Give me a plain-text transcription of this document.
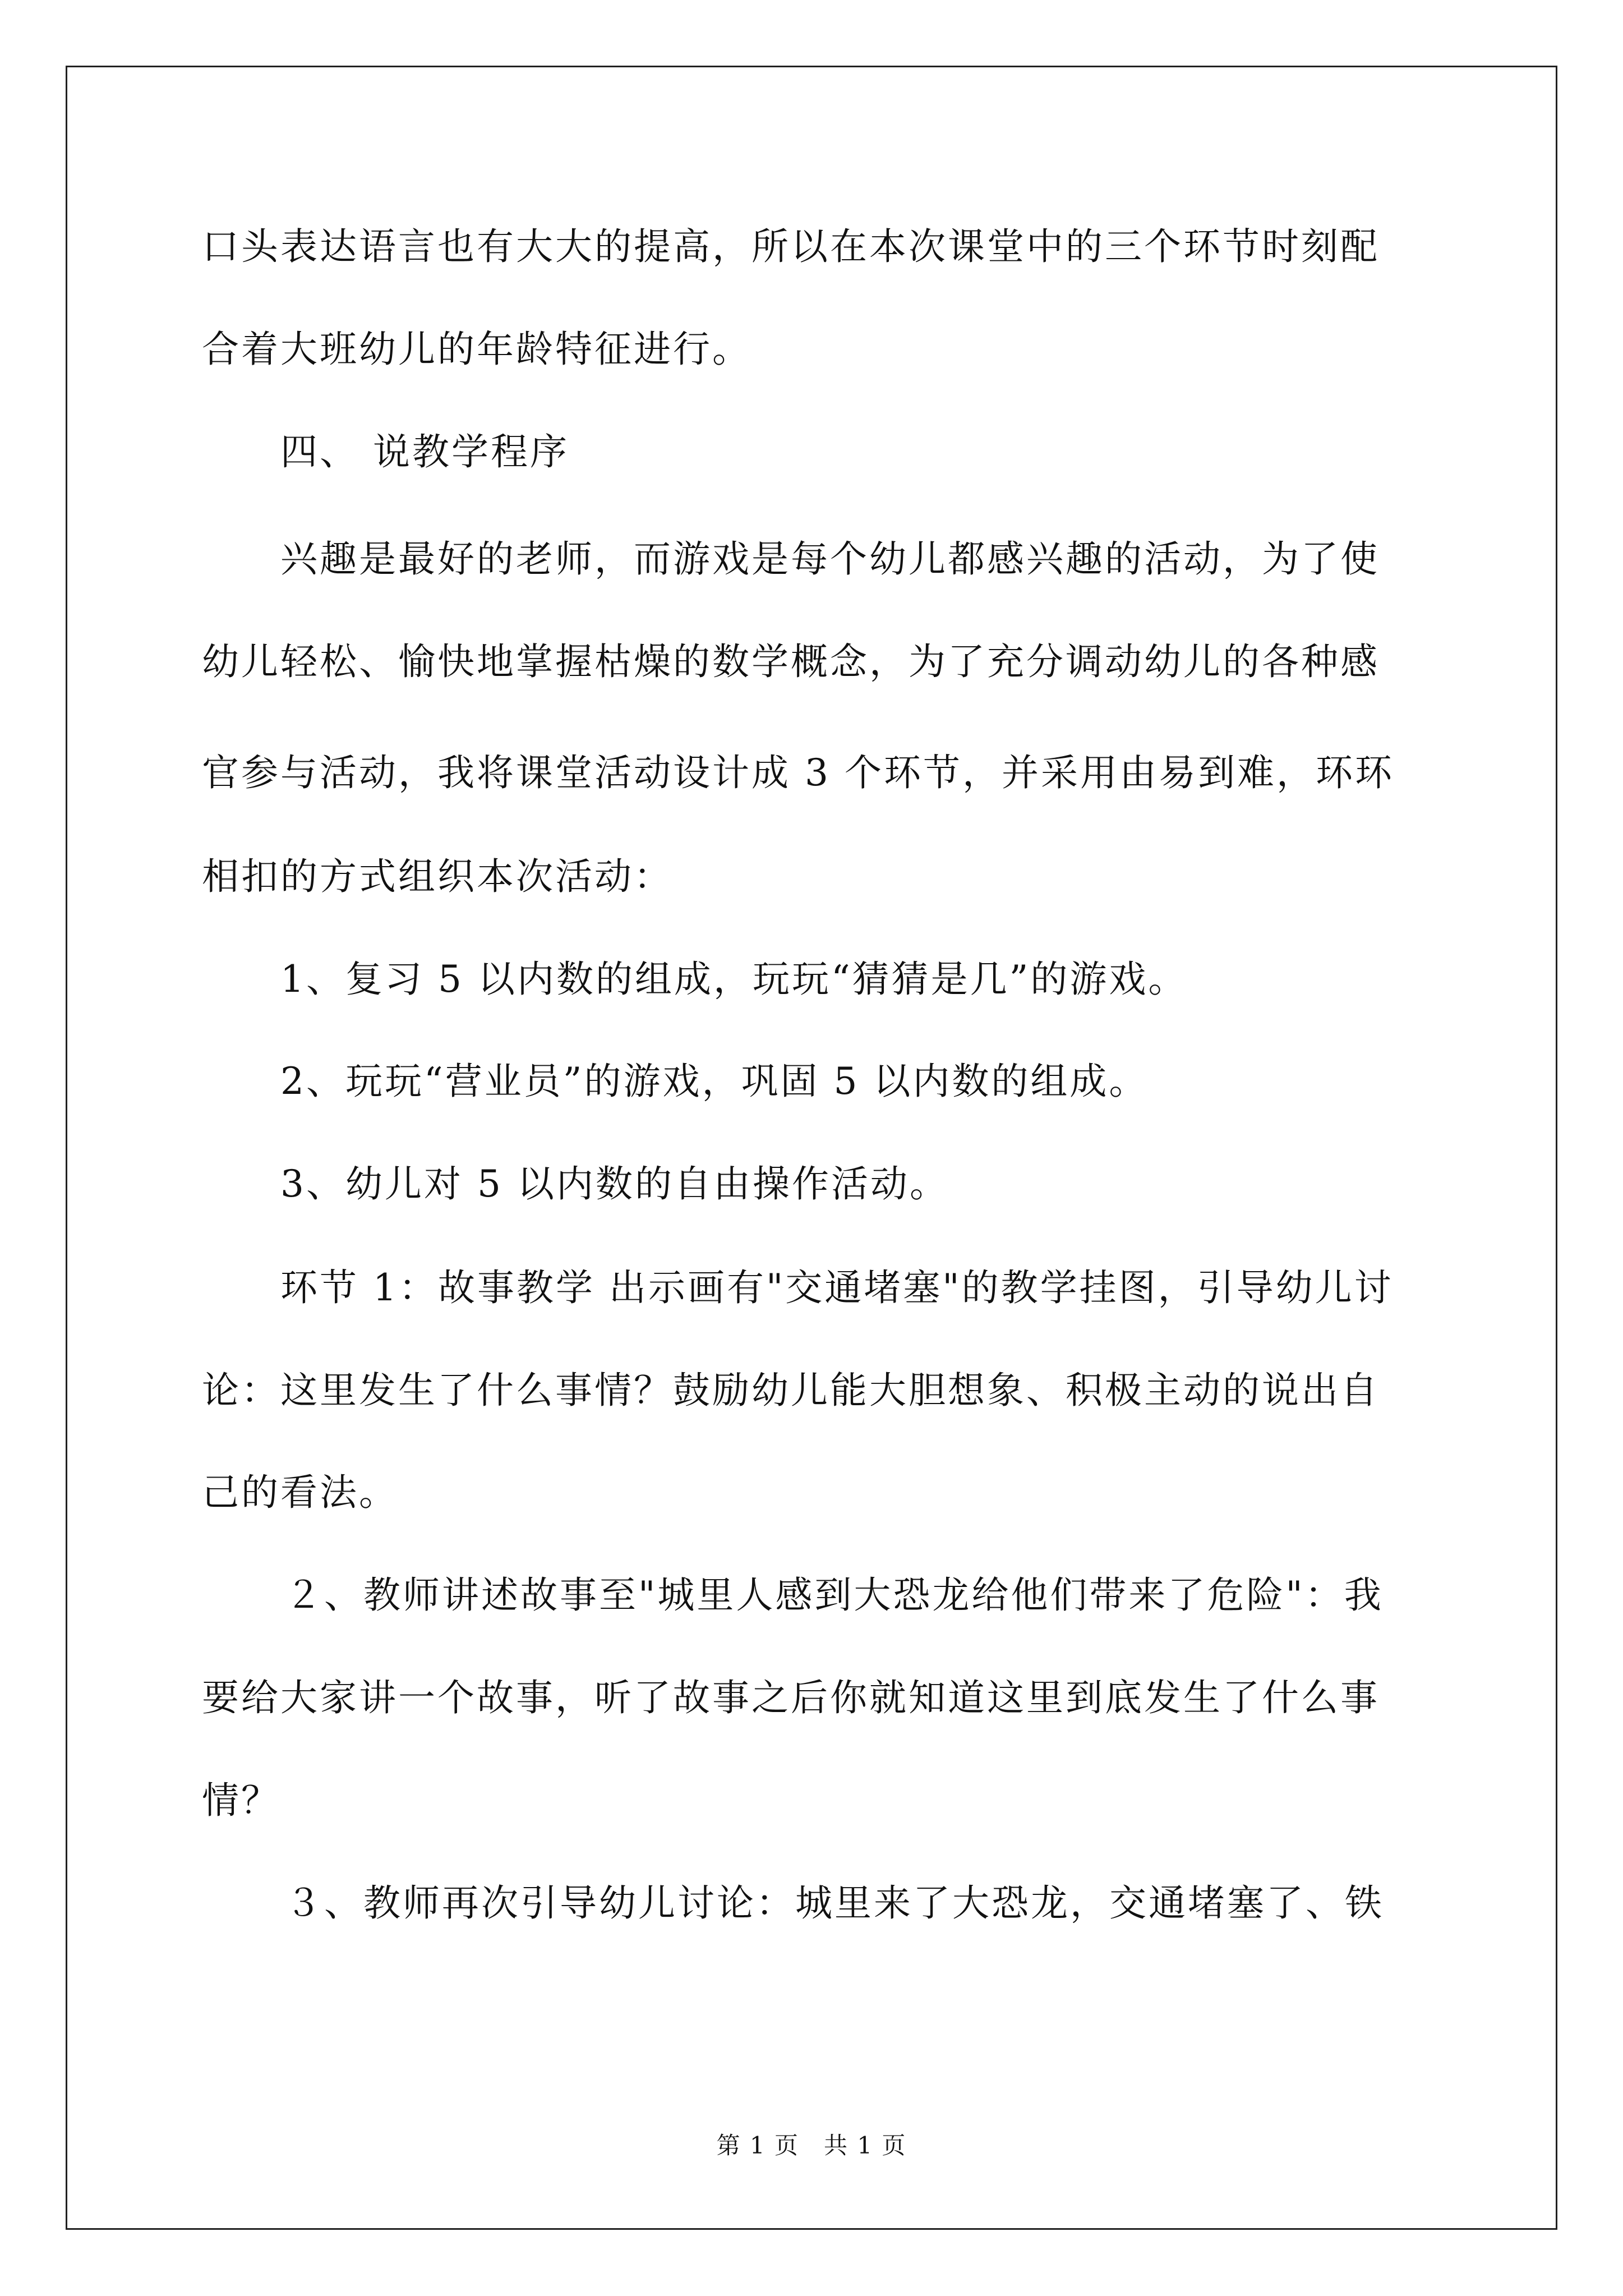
口头表达语言也有大大的提高，所以在本次课堂中的三个环节时刻配
合着大班幼儿的年龄特征进行。
四、 说教学程序
兴趣是最好的老师，而游戏是每个幼儿都感兴趣的活动，为了使
幼儿轻松、愉快地掌握枯燥的数学概念，为了充分调动幼儿的各种感
官参与活动，我将课堂活动设计成 3 个环节，并采用由易到难，环环
相扣的方式组织本次活动：
1、复习 5 以内数的组成，玩玩“猜猜是几”的游戏。
2、玩玩“营业员”的游戏，巩固 5 以内数的组成。
3、幼儿对 5 以内数的自由操作活动。
环节 1：故事教学 出示画有"交通堵塞"的教学挂图，引导幼儿讨
论：这里发生了什么事情？鼓励幼儿能大胆想象、积极主动的说出自
己的看法。
２、教师讲述故事至"城里人感到大恐龙给他们带来了危险"：我
要给大家讲一个故事，听了故事之后你就知道这里到底发生了什么事
情？
３、教师再次引导幼儿讨论：城里来了大恐龙，交通堵塞了、铁
第 1 页　共 1 页
